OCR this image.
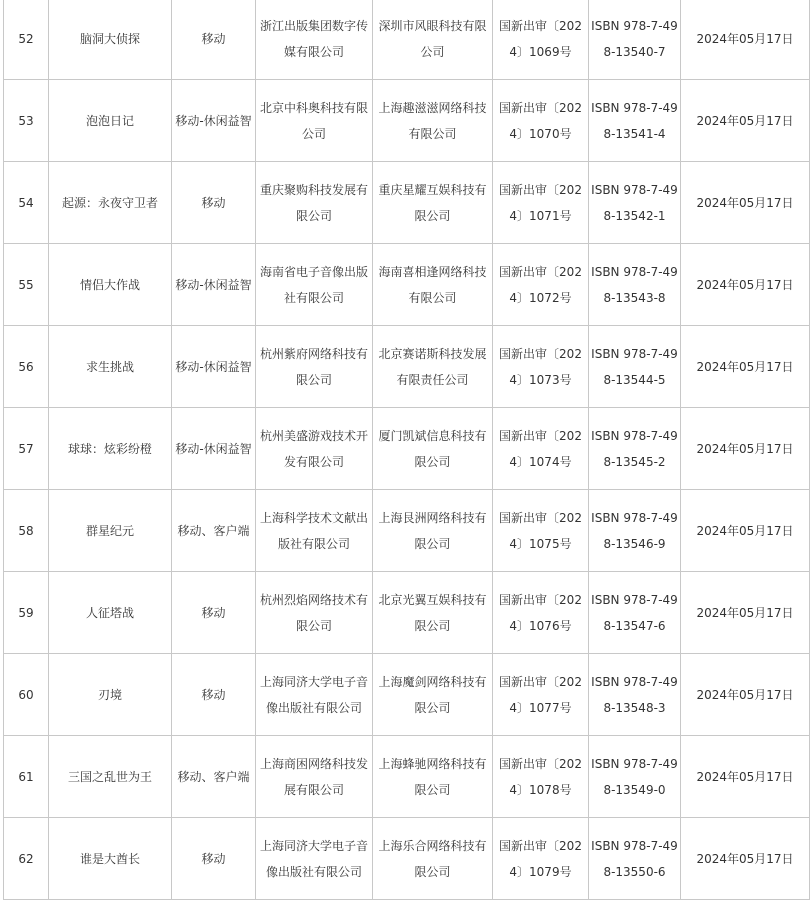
52	脑洞大侦探	移动	浙江出版集团数字传媒有限公司	深圳市风眼科技有限公司	国新出审〔2024〕1069号	ISBN 978-7-498-13540-7	2024年05月17日
53	泡泡日记	移动-休闲益智	北京中科奥科技有限公司	上海趣滋滋网络科技有限公司	国新出审〔2024〕1070号	ISBN 978-7-498-13541-4	2024年05月17日
54	起源：永夜守卫者	移动	重庆聚购科技发展有限公司	重庆星耀互娱科技有限公司	国新出审〔2024〕1071号	ISBN 978-7-498-13542-1	2024年05月17日
55	情侣大作战	移动-休闲益智	海南省电子音像出版社有限公司	海南喜相逢网络科技有限公司	国新出审〔2024〕1072号	ISBN 978-7-498-13543-8	2024年05月17日
56	求生挑战	移动-休闲益智	杭州紫府网络科技有限公司	北京赛诺斯科技发展有限责任公司	国新出审〔2024〕1073号	ISBN 978-7-498-13544-5	2024年05月17日
57	球球：炫彩纷橙	移动-休闲益智	杭州美盛游戏技术开发有限公司	厦门凯斌信息科技有限公司	国新出审〔2024〕1074号	ISBN 978-7-498-13545-2	2024年05月17日
58	群星纪元	移动、客户端	上海科学技术文献出版社有限公司	上海艮洲网络科技有限公司	国新出审〔2024〕1075号	ISBN 978-7-498-13546-9	2024年05月17日
59	人征塔战	移动	杭州烈焰网络技术有限公司	北京光翼互娱科技有限公司	国新出审〔2024〕1076号	ISBN 978-7-498-13547-6	2024年05月17日
60	刃境	移动	上海同济大学电子音像出版社有限公司	上海魔剑网络科技有限公司	国新出审〔2024〕1077号	ISBN 978-7-498-13548-3	2024年05月17日
61	三国之乱世为王	移动、客户端	上海商困网络科技发展有限公司	上海蜂驰网络科技有限公司	国新出审〔2024〕1078号	ISBN 978-7-498-13549-0	2024年05月17日
62	谁是大酋长	移动	上海同济大学电子音像出版社有限公司	上海乐合网络科技有限公司	国新出审〔2024〕1079号	ISBN 978-7-498-13550-6	2024年05月17日
